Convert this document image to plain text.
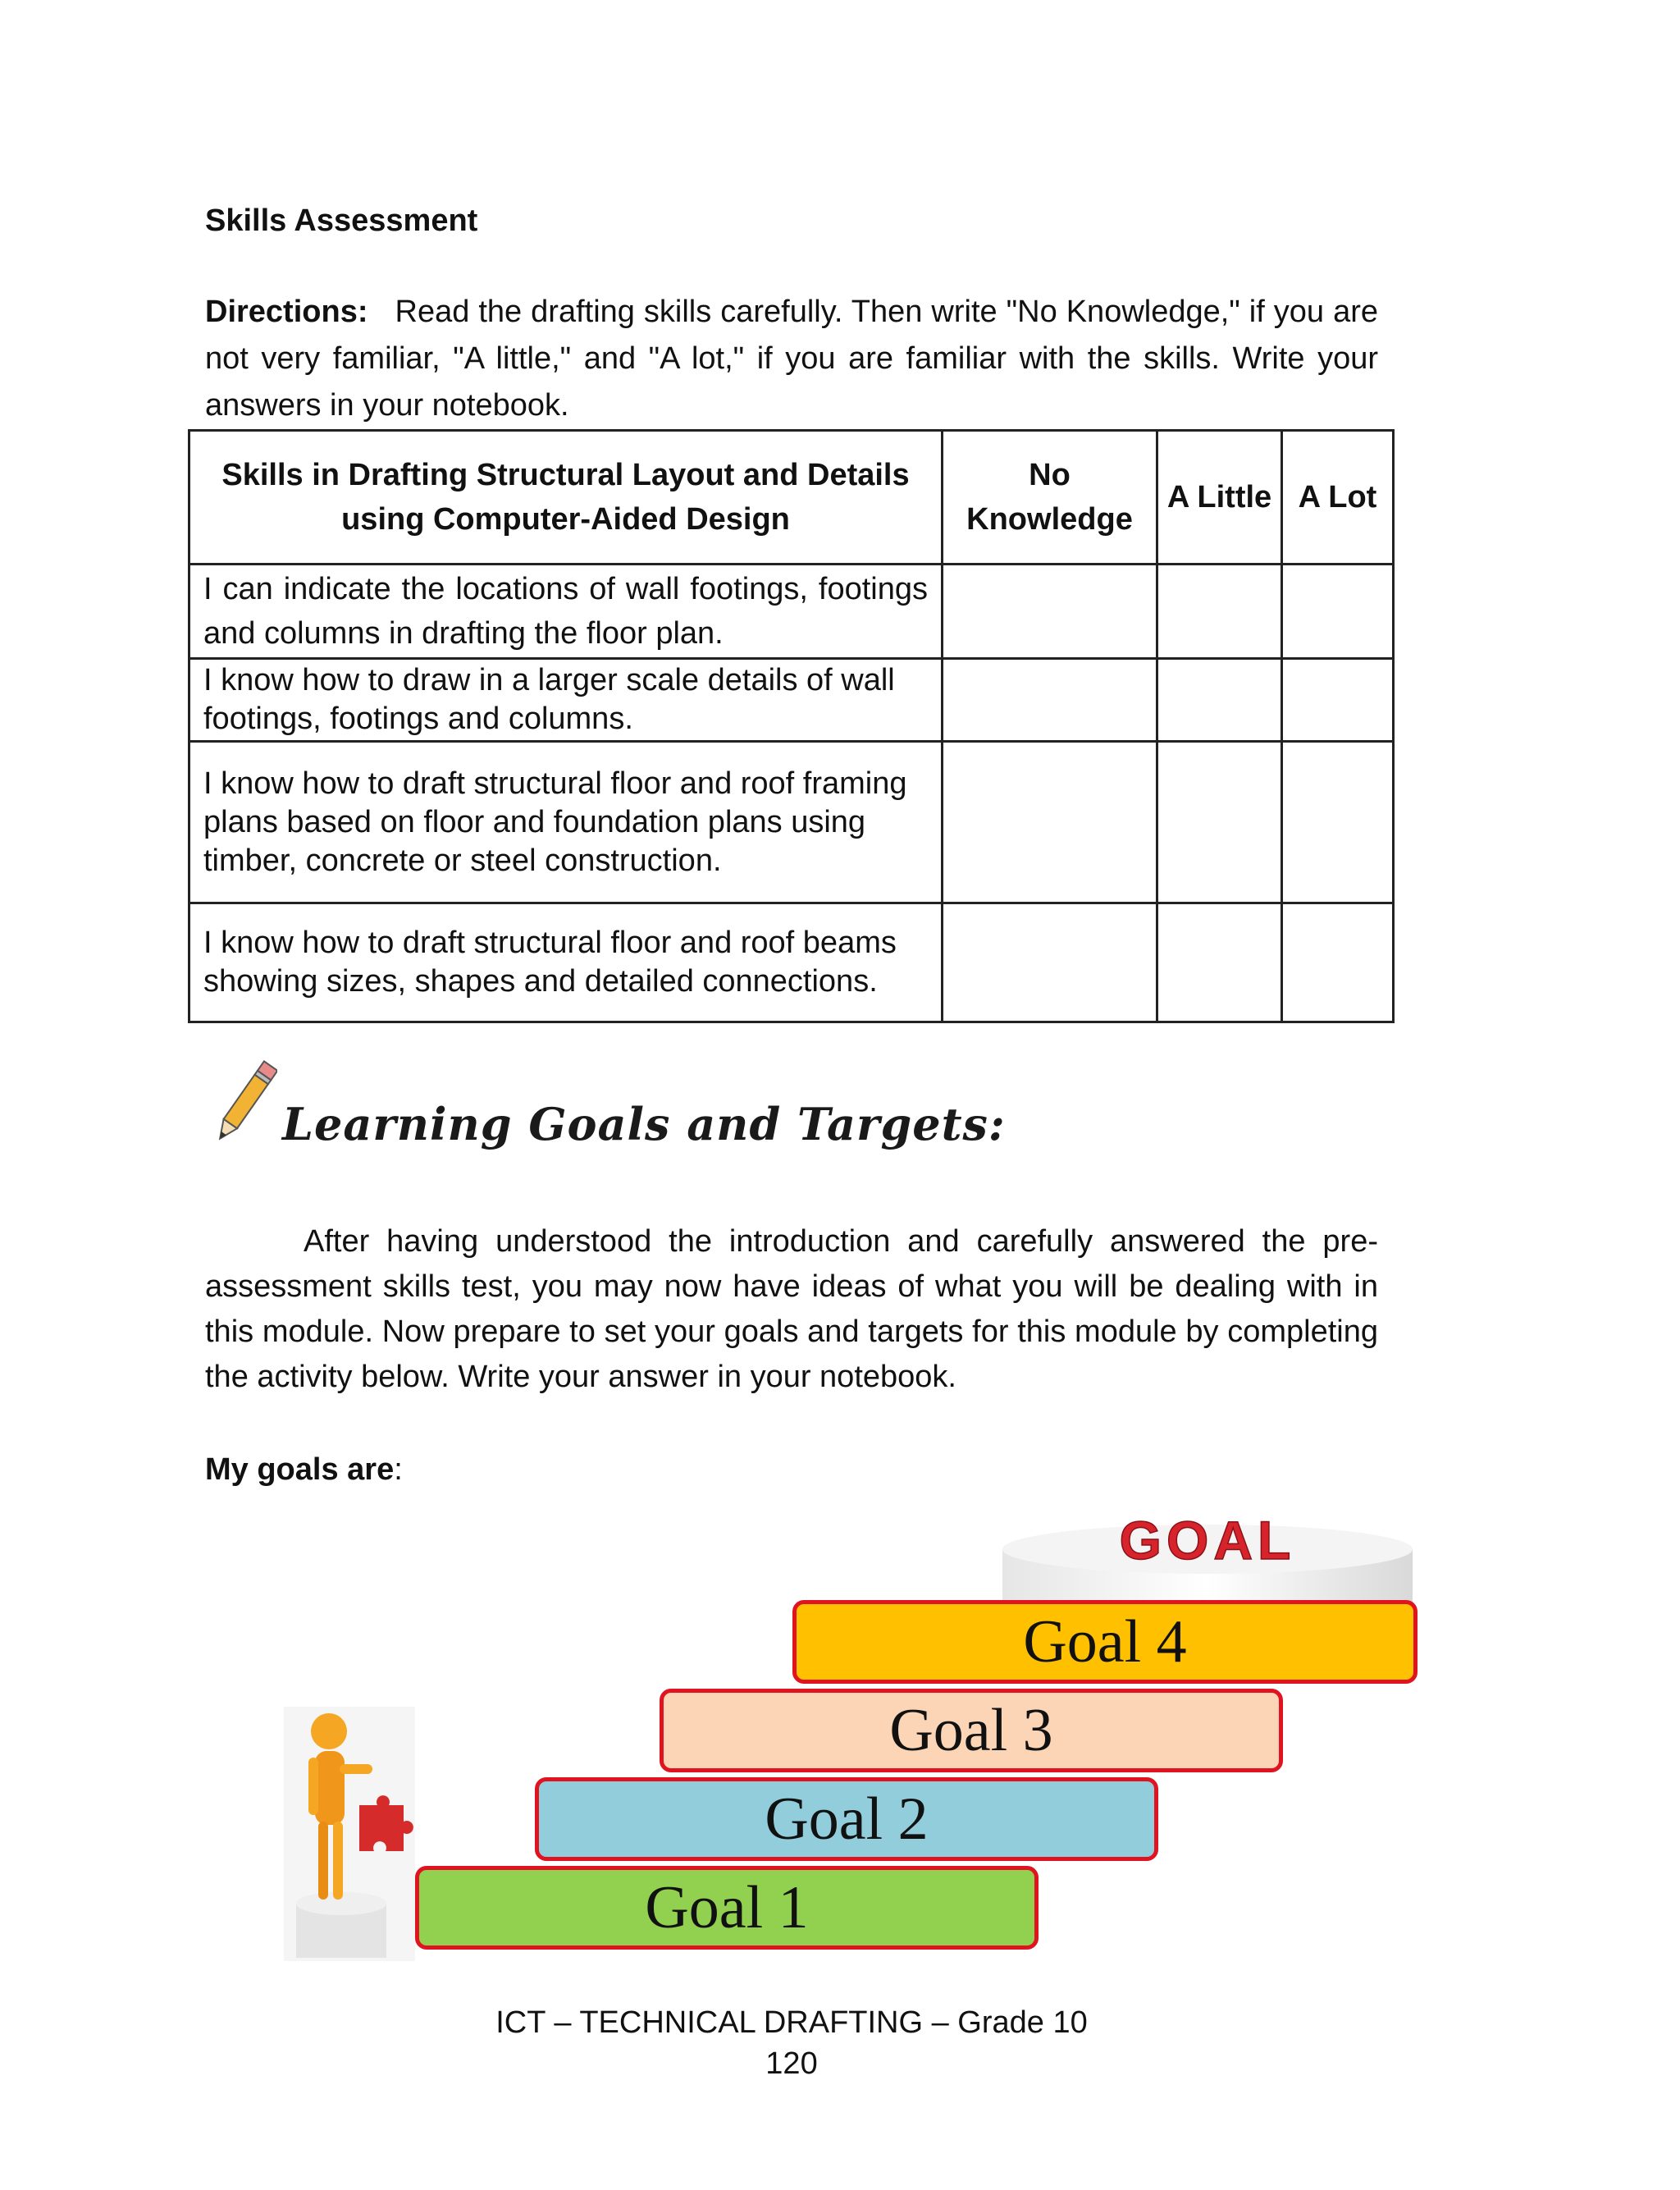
Skills Assessment
Directions: Read the drafting skills carefully. Then write "No Knowledge," if you are not very familiar, "A little," and "A lot," if you are familiar with the skills. Write your answers in your notebook.
Skills in Drafting Structural Layout and Details using Computer-Aided Design	No Knowledge	A Little	A Lot
I can indicate the locations of wall footings, footings and columns in drafting the floor plan.			
I know how to draw in a larger scale details of wall footings, footings and columns.			
I know how to draft structural floor and roof framing plans based on floor and foundation plans using timber, concrete or steel construction.			
I know how to draft structural floor and roof beams showing sizes, shapes and detailed connections.			
Learning Goals and Targets:
After having understood the introduction and carefully answered the pre- assessment skills test, you may now have ideas of what you will be dealing with in this module. Now prepare to set your goals and targets for this module by completing the activity below. Write your answer in your notebook.
My goals are:
GOAL
Goal 4
Goal 3
Goal 2
Goal 1
ICT – TECHNICAL DRAFTING – Grade 10
120
